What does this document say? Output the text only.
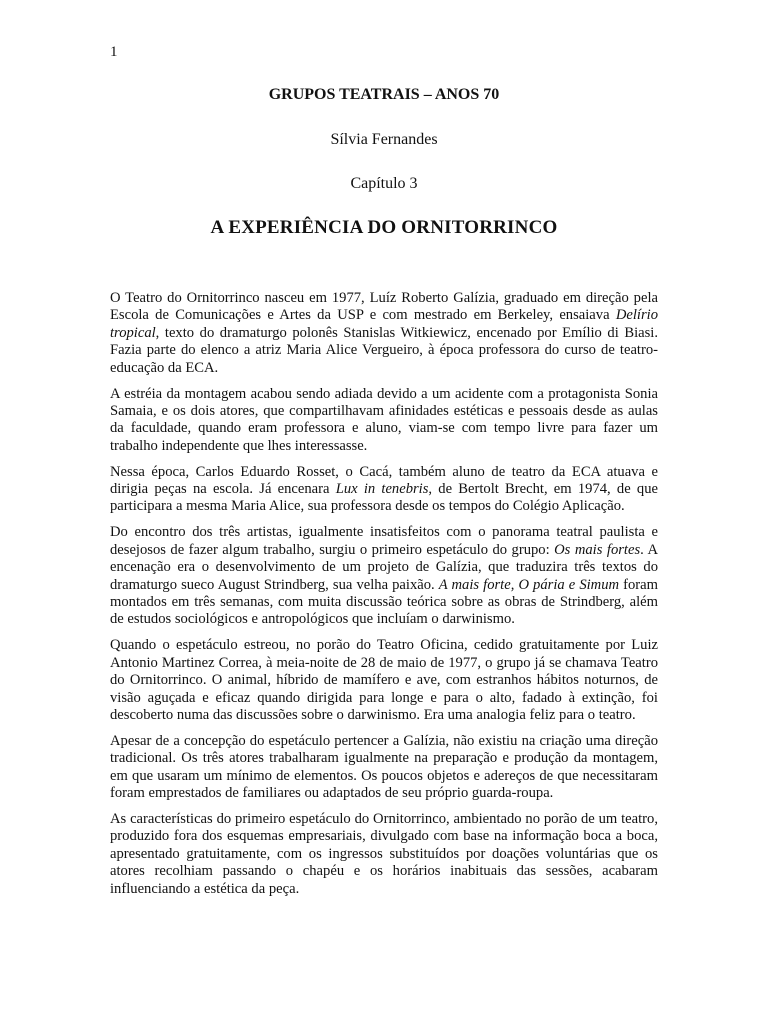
1
GRUPOS TEATRAIS – ANOS 70
Sílvia Fernandes
Capítulo 3
A EXPERIÊNCIA DO ORNITORRINCO

O Teatro do Ornitorrinco nasceu em 1977, Luíz Roberto Galízia, graduado em direção pela Escola de Comunicações e Artes da USP e com mestrado em Berkeley, ensaiava Delírio tropical, texto do dramaturgo polonês Stanislas Witkiewicz, encenado por Emílio di Biasi. Fazia parte do elenco a atriz Maria Alice Vergueiro, à época professora do curso de teatro-educação da ECA.

A estréia da montagem acabou sendo adiada devido a um acidente com a protagonista Sonia Samaia, e os dois atores, que compartilhavam afinidades estéticas e pessoais desde as aulas da faculdade, quando eram professora e aluno, viam-se com tempo livre para fazer um trabalho independente que lhes interessasse.

Nessa época, Carlos Eduardo Rosset, o Cacá, também aluno de teatro da ECA atuava e dirigia peças na escola. Já encenara Lux in tenebris, de Bertolt Brecht, em 1974, de que participara a mesma Maria Alice, sua professora desde os tempos do Colégio Aplicação.

Do encontro dos três artistas, igualmente insatisfeitos com o panorama teatral paulista e desejosos de fazer algum trabalho, surgiu o primeiro espetáculo do grupo: Os mais fortes. A encenação era o desenvolvimento de um projeto de Galízia, que traduzira três textos do dramaturgo sueco August Strindberg, sua velha paixão. A mais forte, O pária e Simum foram montados em três semanas, com muita discussão teórica sobre as obras de Strindberg, além de estudos sociológicos e antropológicos que incluíam o darwinismo.

Quando o espetáculo estreou, no porão do Teatro Oficina, cedido gratuitamente por Luiz Antonio Martinez Correa, à meia-noite de 28 de maio de 1977, o grupo já se chamava Teatro do Ornitorrinco. O animal, híbrido de mamífero e ave, com estranhos hábitos noturnos, de visão aguçada e eficaz quando dirigida para longe e para o alto, fadado à extinção, foi descoberto numa das discussões sobre o darwinismo. Era uma analogia feliz para o teatro.

Apesar de a concepção do espetáculo pertencer a Galízia, não existiu na criação uma direção tradicional. Os três atores trabalharam igualmente na preparação e produção da montagem, em que usaram um mínimo de elementos. Os poucos objetos e adereços de que necessitaram foram emprestados de familiares ou adaptados de seu próprio guarda-roupa.

As características do primeiro espetáculo do Ornitorrinco, ambientado no porão de um teatro, produzido fora dos esquemas empresariais, divulgado com base na informação boca a boca, apresentado gratuitamente, com os ingressos substituídos por doações voluntárias que os atores recolhiam passando o chapéu e os horários inabituais das sessões, acabaram influenciando a estética da peça.
